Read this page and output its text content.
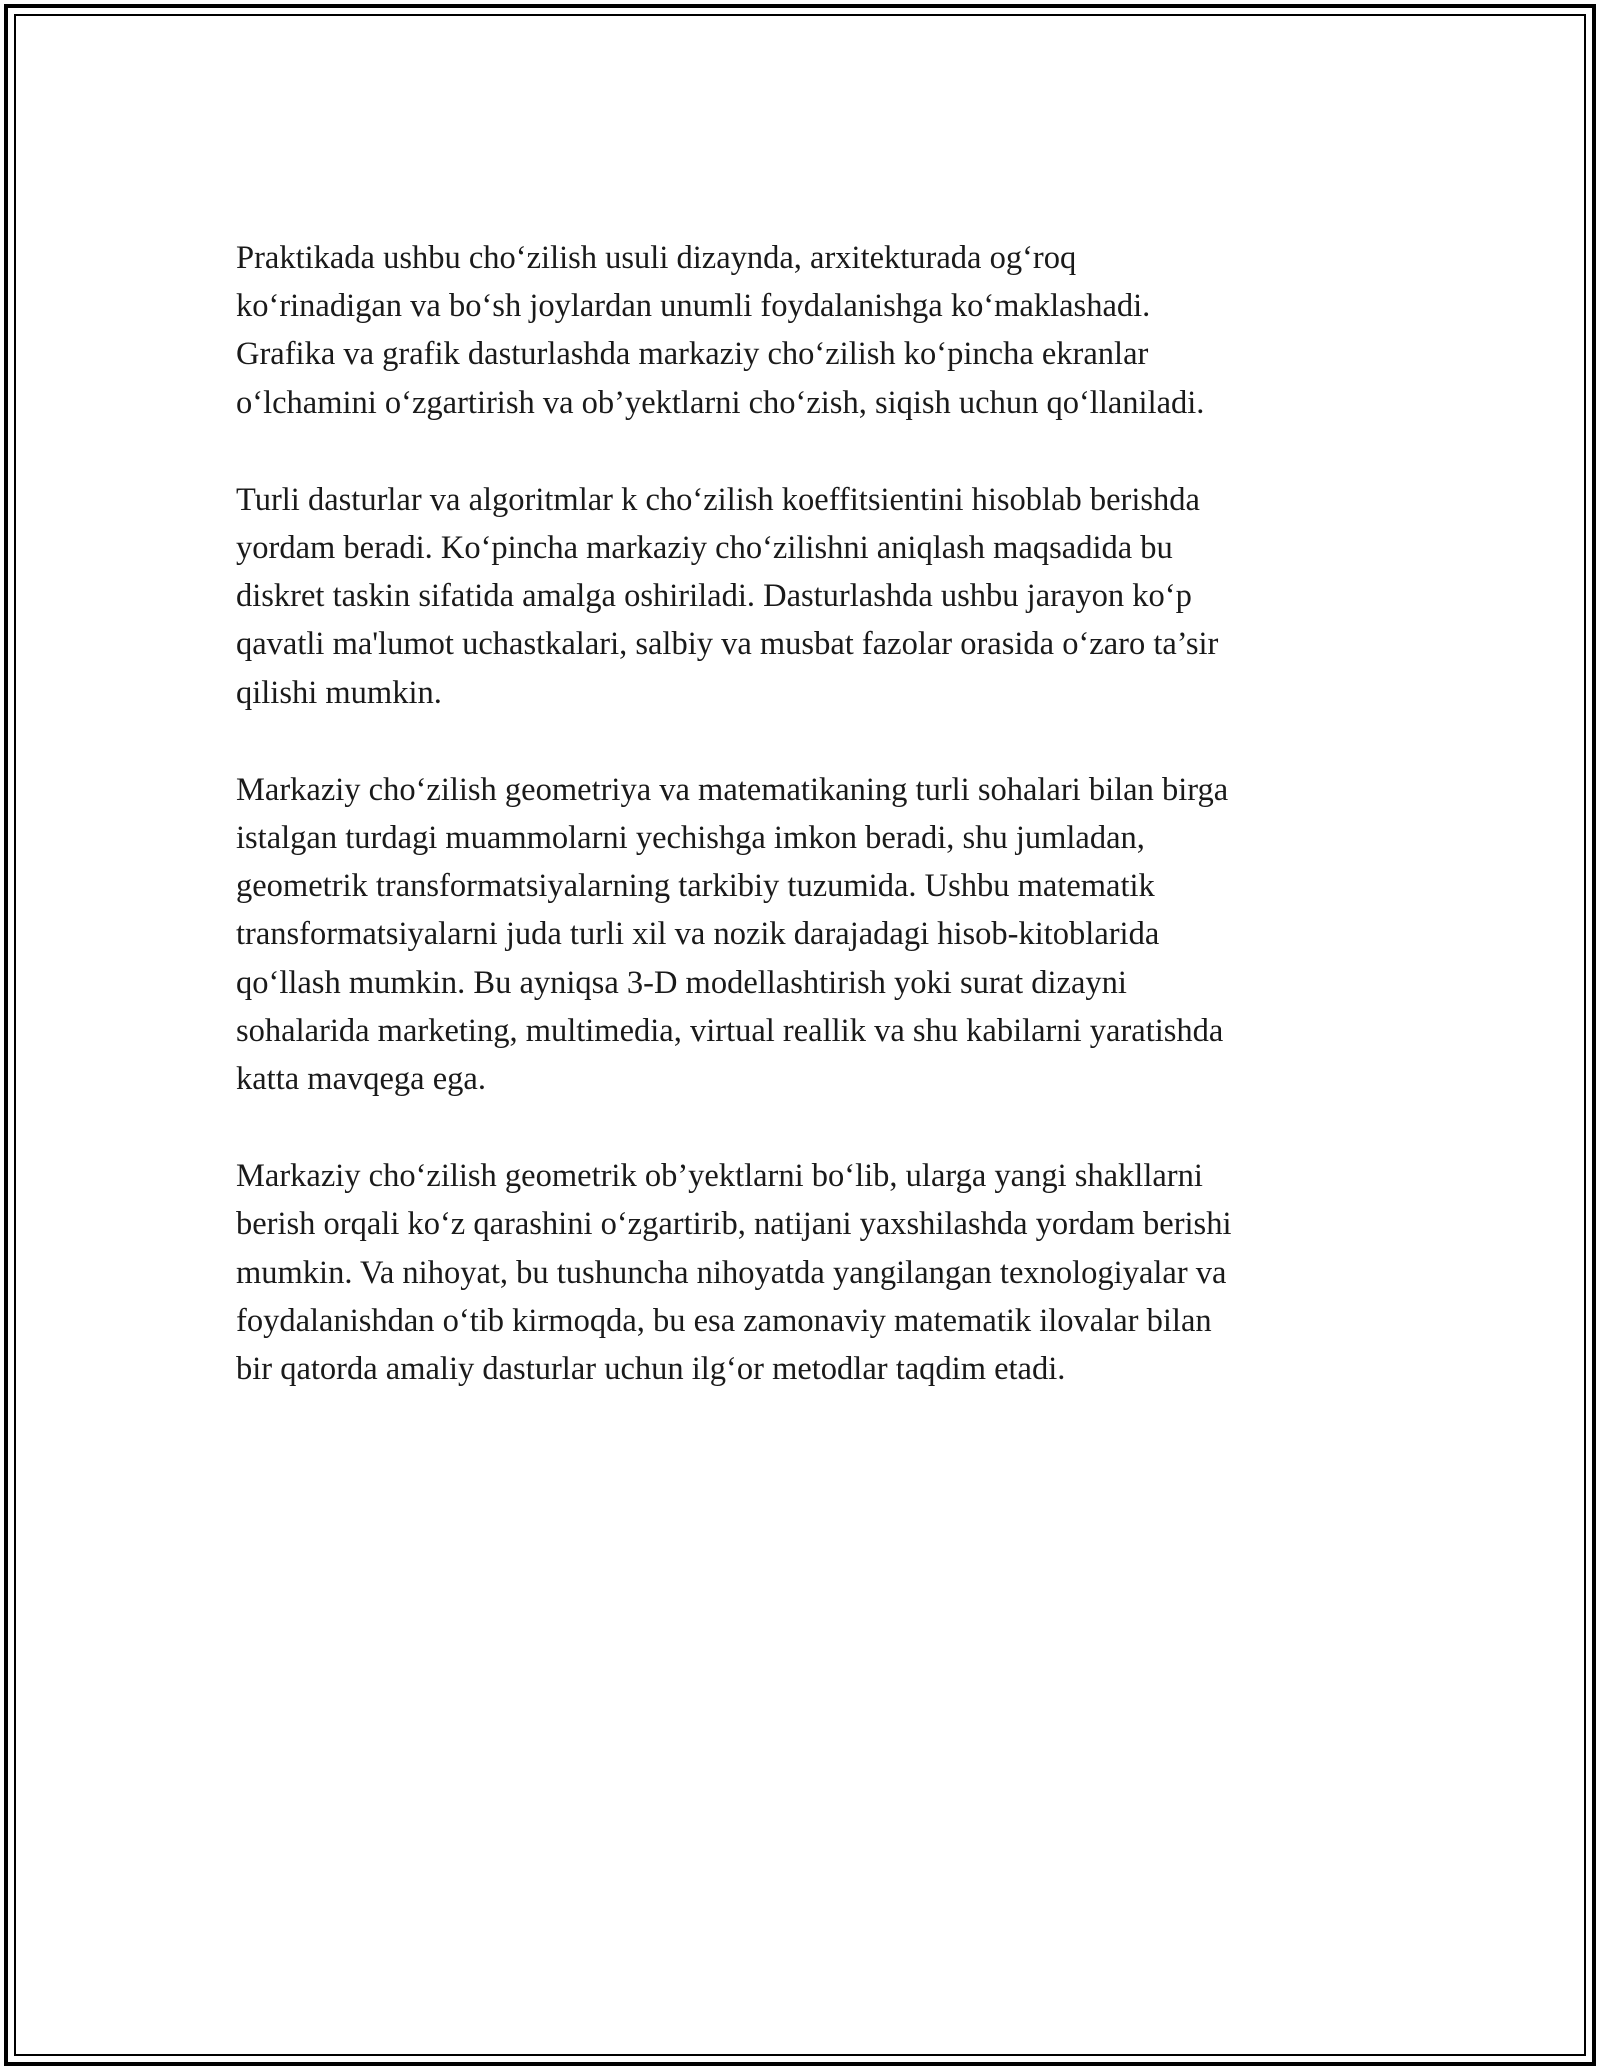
Praktikada ushbu cho‘zilish usuli dizaynda, arxitekturada og‘roq
ko‘rinadigan va bo‘sh joylardan unumli foydalanishga ko‘maklashadi.
Grafika va grafik dasturlashda markaziy cho‘zilish ko‘pincha ekranlar
o‘lchamini o‘zgartirish va ob’yektlarni cho‘zish, siqish uchun qo‘llaniladi.

Turli dasturlar va algoritmlar k cho‘zilish koeffitsientini hisoblab berishda
yordam beradi. Ko‘pincha markaziy cho‘zilishni aniqlash maqsadida bu
diskret taskin sifatida amalga oshiriladi. Dasturlashda ushbu jarayon ko‘p
qavatli ma'lumot uchastkalari, salbiy va musbat fazolar orasida o‘zaro ta’sir
qilishi mumkin.

Markaziy cho‘zilish geometriya va matematikaning turli sohalari bilan birga
istalgan turdagi muammolarni yechishga imkon beradi, shu jumladan,
geometrik transformatsiyalarning tarkibiy tuzumida. Ushbu matematik
transformatsiyalarni juda turli xil va nozik darajadagi hisob-kitoblarida
qo‘llash mumkin. Bu ayniqsa 3-D modellashtirish yoki surat dizayni
sohalarida marketing, multimedia, virtual reallik va shu kabilarni yaratishda
katta mavqega ega.

Markaziy cho‘zilish geometrik ob’yektlarni bo‘lib, ularga yangi shakllarni
berish orqali ko‘z qarashini o‘zgartirib, natijani yaxshilashda yordam berishi
mumkin. Va nihoyat, bu tushuncha nihoyatda yangilangan texnologiyalar va
foydalanishdan o‘tib kirmoqda, bu esa zamonaviy matematik ilovalar bilan
bir qatorda amaliy dasturlar uchun ilg‘or metodlar taqdim etadi.
